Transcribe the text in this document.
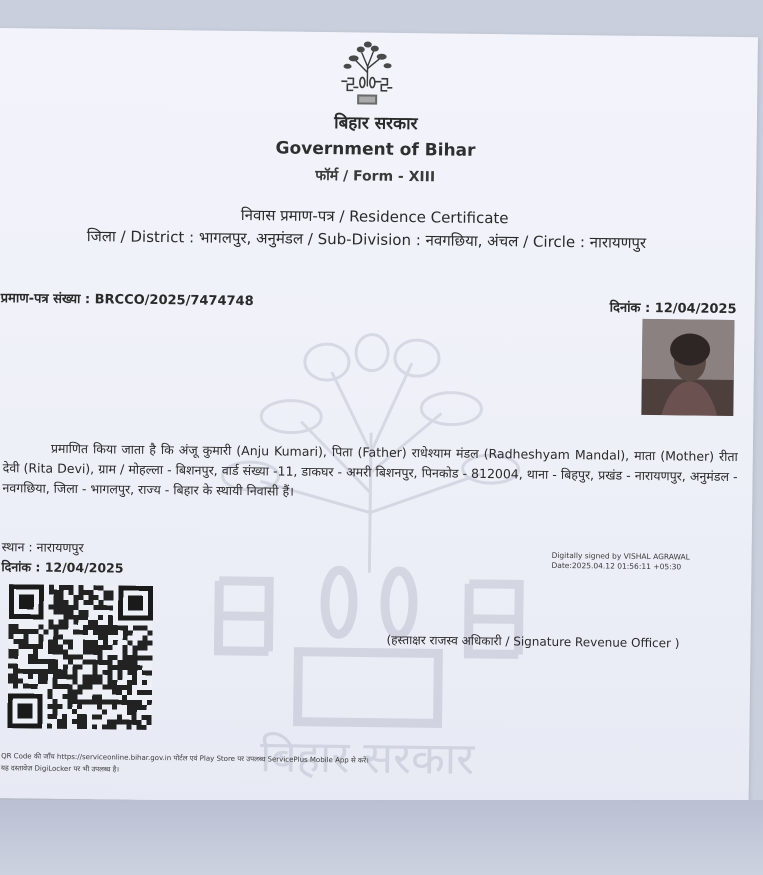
बिहार सरकार
बिहार सरकार
Government of Bihar
फॉर्म / Form - XIII
निवास प्रमाण-पत्र / Residence Certificate
जिला / District : भागलपुर, अनुमंडल / Sub-Division : नवगछिया, अंचल / Circle : नारायणपुर
प्रमाण-पत्र संख्या : BRCCO/2025/7474748	दिनांक : 12/04/2025
प्रमाणित किया जाता है कि अंजू कुमारी (Anju Kumari), पिता (Father) राधेश्याम मंडल (Radheshyam Mandal), माता (Mother) रीता देवी (Rita Devi), ग्राम / मोहल्ला - बिशनपुर, वार्ड संख्या -11, डाकघर - अमरी बिशनपुर, पिनकोड - 812004, थाना - बिहपुर, प्रखंड - नारायणपुर, अनुमंडल - नवगछिया, जिला - भागलपुर, राज्य - बिहार के स्थायी निवासी हैं।
स्थान : नारायणपुर
दिनांक : 12/04/2025
Digitally signed by VISHAL AGRAWAL
Date:2025.04.12 01:56:11 +05:30
(हस्ताक्षर राजस्व अधिकारी / Signature Revenue Officer )
QR Code की जाँच https://serviceonline.bihar.gov.in पोर्टल एवं Play Store पर उपलब्ध ServicePlus Mobile App से करें।
यह दस्तावेज़ DigiLocker पर भी उपलब्ध है।
